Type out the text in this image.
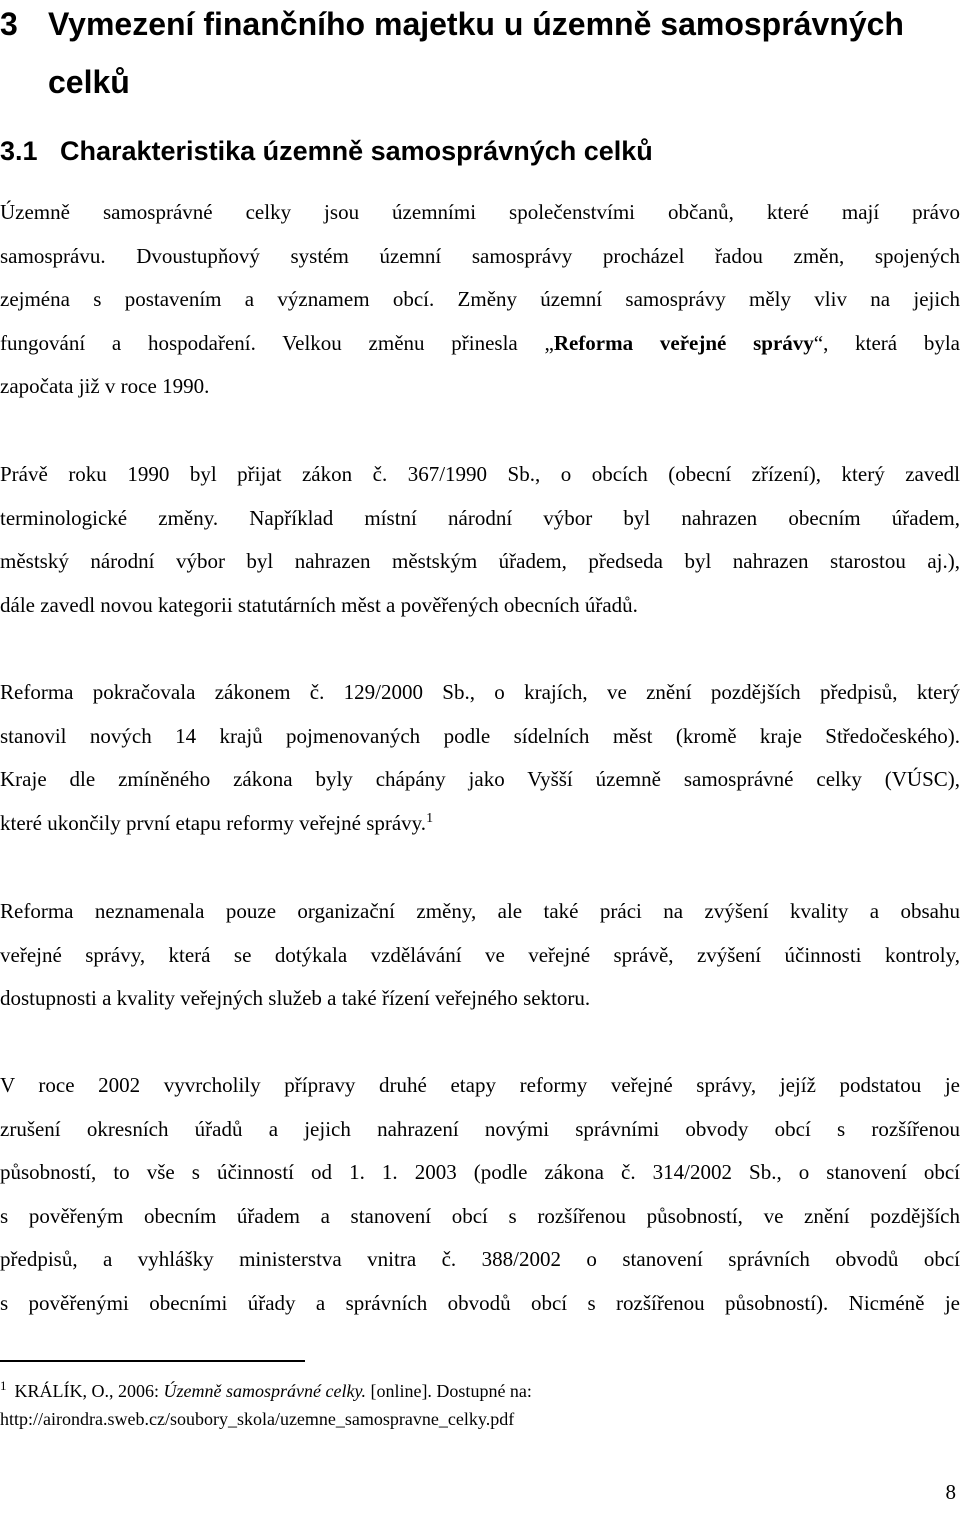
3 Vymezení finančního majetku u územně samosprávných
celků
3.1 Charakteristika územně samosprávných celků

Územně samosprávné celky jsou územními společenstvími občanů, které mají právo
samosprávu. Dvoustupňový systém územní samosprávy procházel řadou změn, spojených
zejména s postavením a významem obcí. Změny územní samosprávy měly vliv na jejich
fungování a hospodaření. Velkou změnu přinesla „Reforma veřejné správy“, která byla
započata již v roce 1990.

Právě roku 1990 byl přijat zákon č. 367/1990 Sb., o obcích (obecní zřízení), který zavedl
terminologické změny. Například místní národní výbor byl nahrazen obecním úřadem,
městský národní výbor byl nahrazen městským úřadem, předseda byl nahrazen starostou aj.),
dále zavedl novou kategorii statutárních měst a pověřených obecních úřadů.

Reforma pokračovala zákonem č. 129/2000 Sb., o krajích, ve znění pozdějších předpisů, který
stanovil nových 14 krajů pojmenovaných podle sídelních měst (kromě kraje Středočeského).
Kraje dle zmíněného zákona byly chápány jako Vyšší územně samosprávné celky (VÚSC),
které ukončily první etapu reformy veřejné správy.$^1$

Reforma neznamenala pouze organizační změny, ale také práci na zvýšení kvality a obsahu
veřejné správy, která se dotýkala vzdělávání ve veřejné správě, zvýšení účinnosti kontroly,
dostupnosti a kvality veřejných služeb a také řízení veřejného sektoru.

V roce 2002 vyvrcholily přípravy druhé etapy reformy veřejné správy, jejíž podstatou je
zrušení okresních úřadů a jejich nahrazení novými správními obvody obcí s rozšířenou
působností, to vše s účinností od 1. 1. 2003 (podle zákona č. 314/2002 Sb., o stanovení obcí
s pověřeným obecním úřadem a stanovení obcí s rozšířenou působností, ve znění pozdějších
předpisů, a vyhlášky ministerstva vnitra č. 388/2002 o stanovení správních obvodů obcí
s pověřenými obecními úřady a správních obvodů obcí s rozšířenou působností). Nicméně je

$^1$ KRÁLÍK, O., 2006: Územně samosprávné celky. [online]. Dostupné na:
http://airondra.sweb.cz/soubory_skola/uzemne_samospravne_celky.pdf
8
